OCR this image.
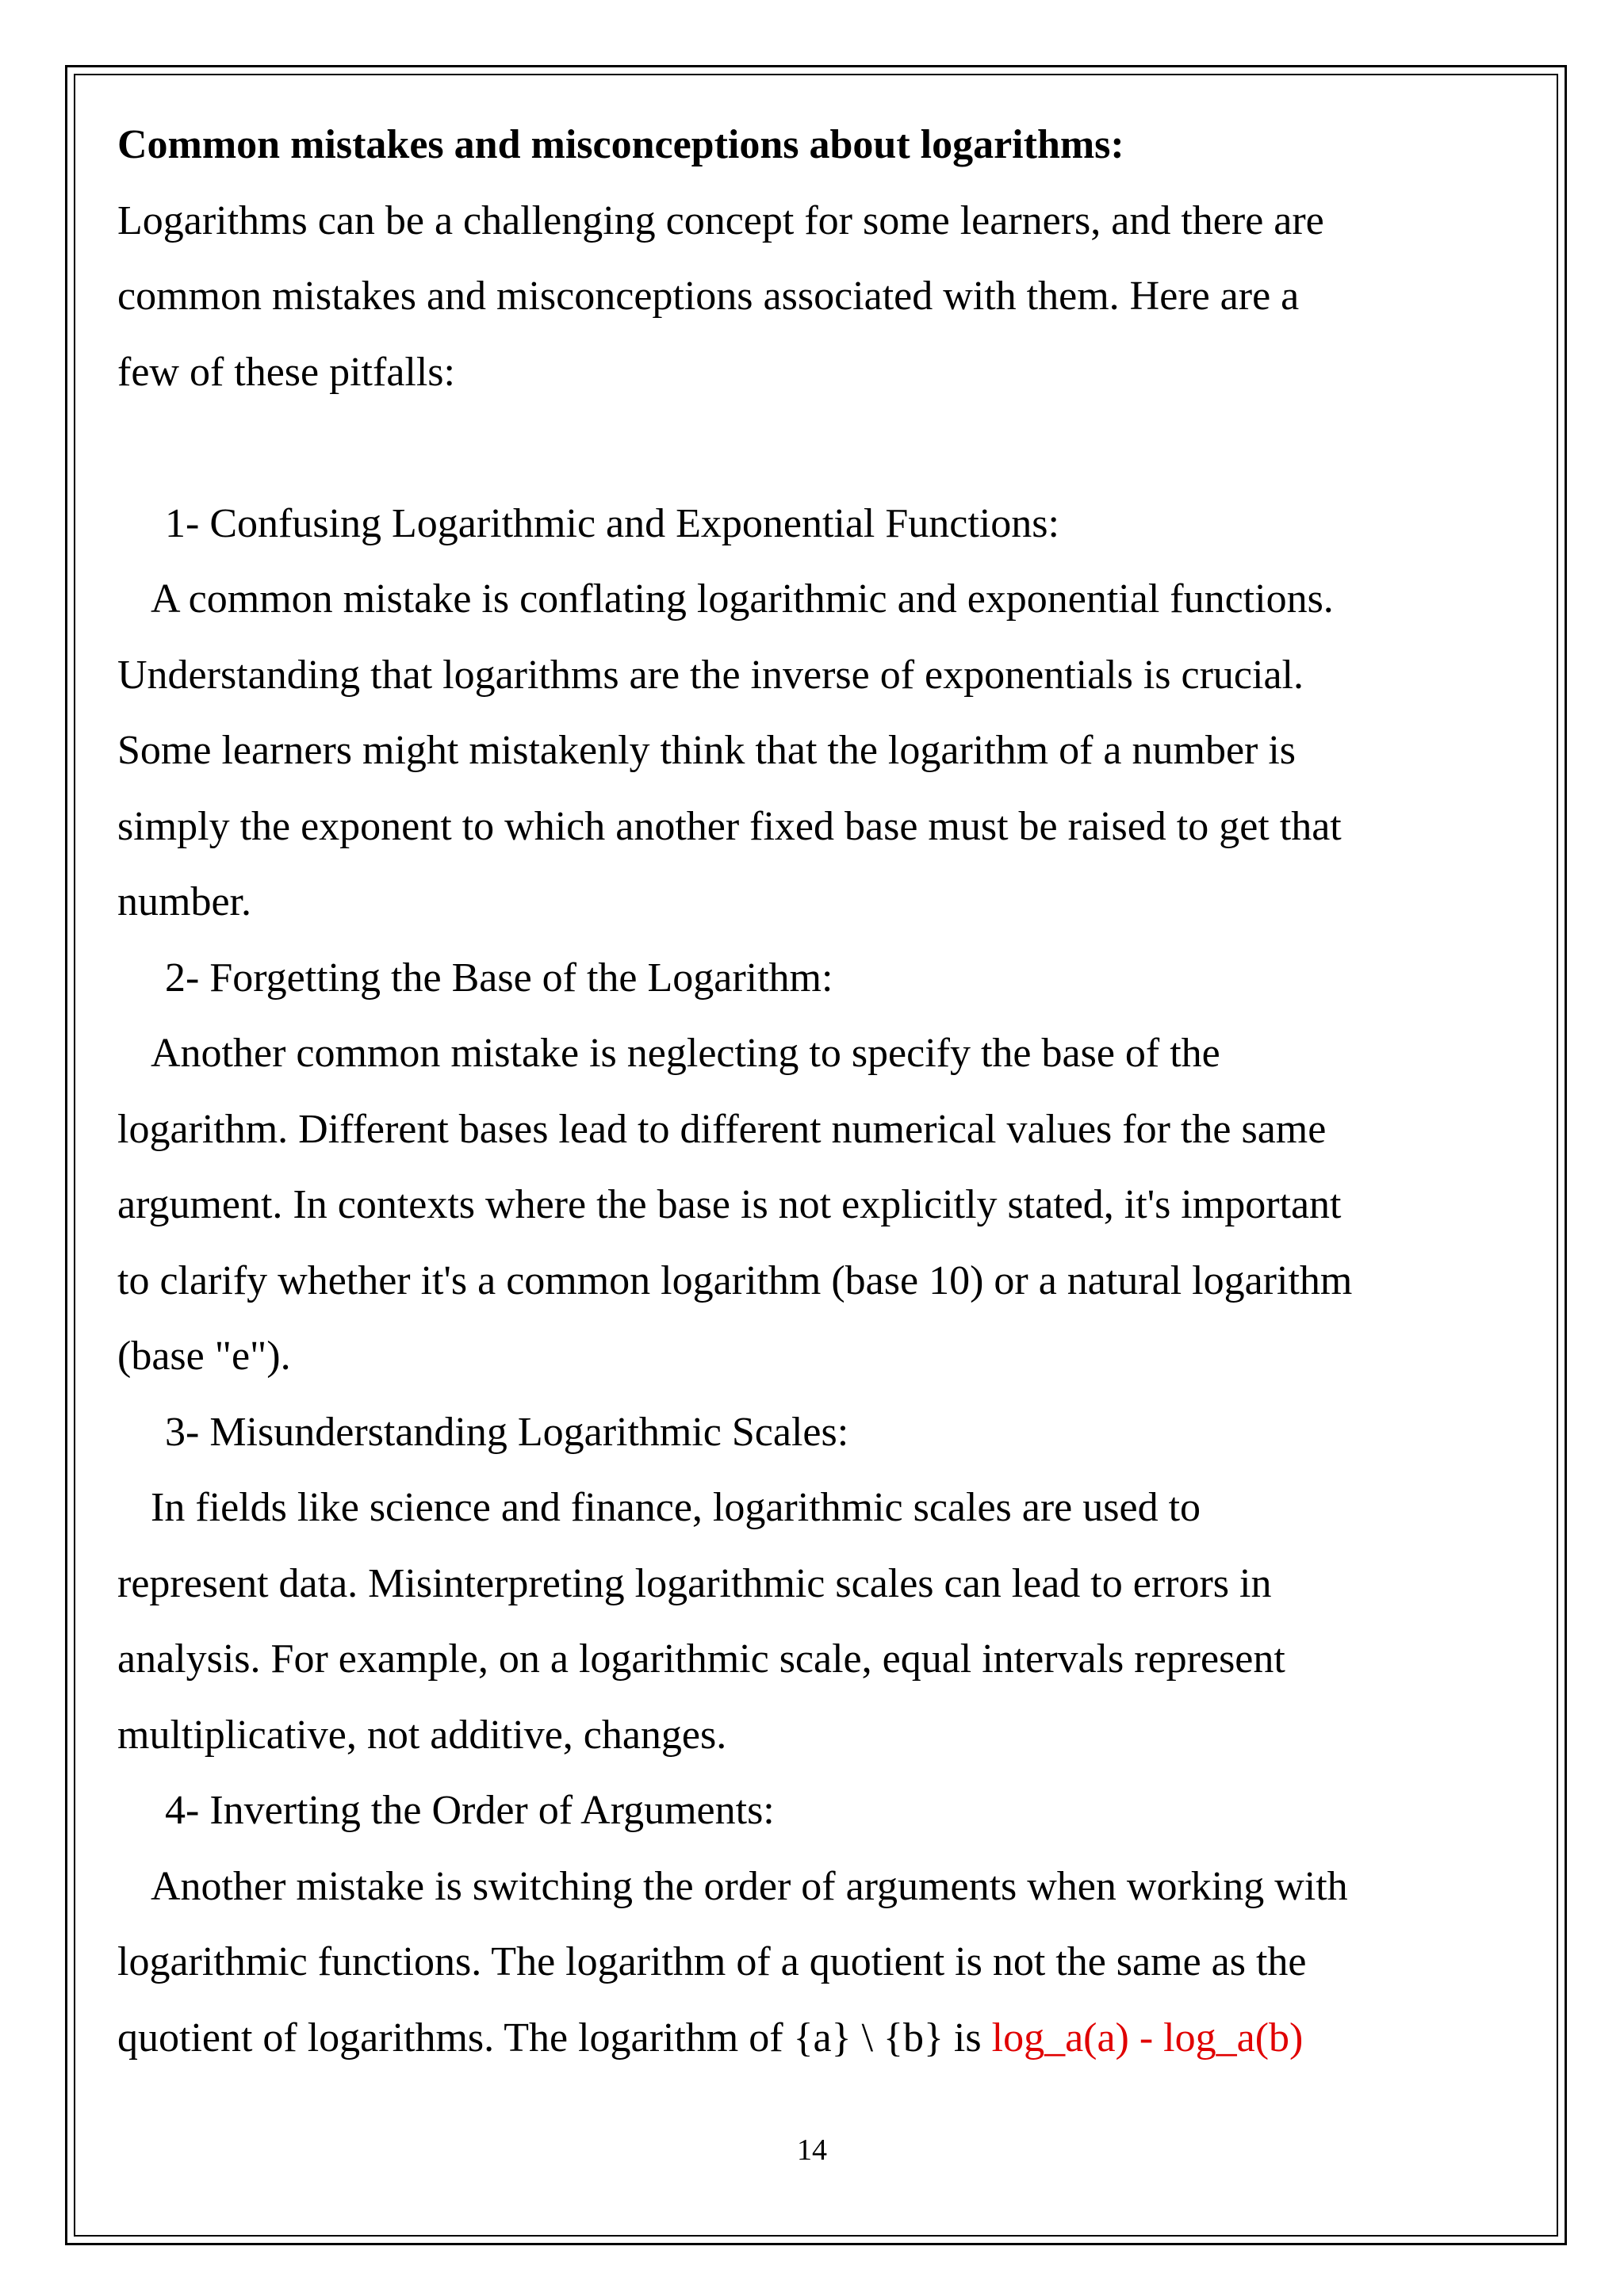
Common mistakes and misconceptions about logarithms:
Logarithms can be a challenging concept for some learners, and there are
common mistakes and misconceptions associated with them. Here are a
few of these pitfalls:
1- Confusing Logarithmic and Exponential Functions:
A common mistake is conflating logarithmic and exponential functions.
Understanding that logarithms are the inverse of exponentials is crucial.
Some learners might mistakenly think that the logarithm of a number is
simply the exponent to which another fixed base must be raised to get that
number.
2- Forgetting the Base of the Logarithm:
Another common mistake is neglecting to specify the base of the
logarithm. Different bases lead to different numerical values for the same
argument. In contexts where the base is not explicitly stated, it's important
to clarify whether it's a common logarithm (base 10) or a natural logarithm
(base "e").
3- Misunderstanding Logarithmic Scales:
In fields like science and finance, logarithmic scales are used to
represent data. Misinterpreting logarithmic scales can lead to errors in
analysis. For example, on a logarithmic scale, equal intervals represent
multiplicative, not additive, changes.
4- Inverting the Order of Arguments:
Another mistake is switching the order of arguments when working with
logarithmic functions. The logarithm of a quotient is not the same as the
quotient of logarithms. The logarithm of {a} \ {b} is log_a(a) - log_a(b)
14
